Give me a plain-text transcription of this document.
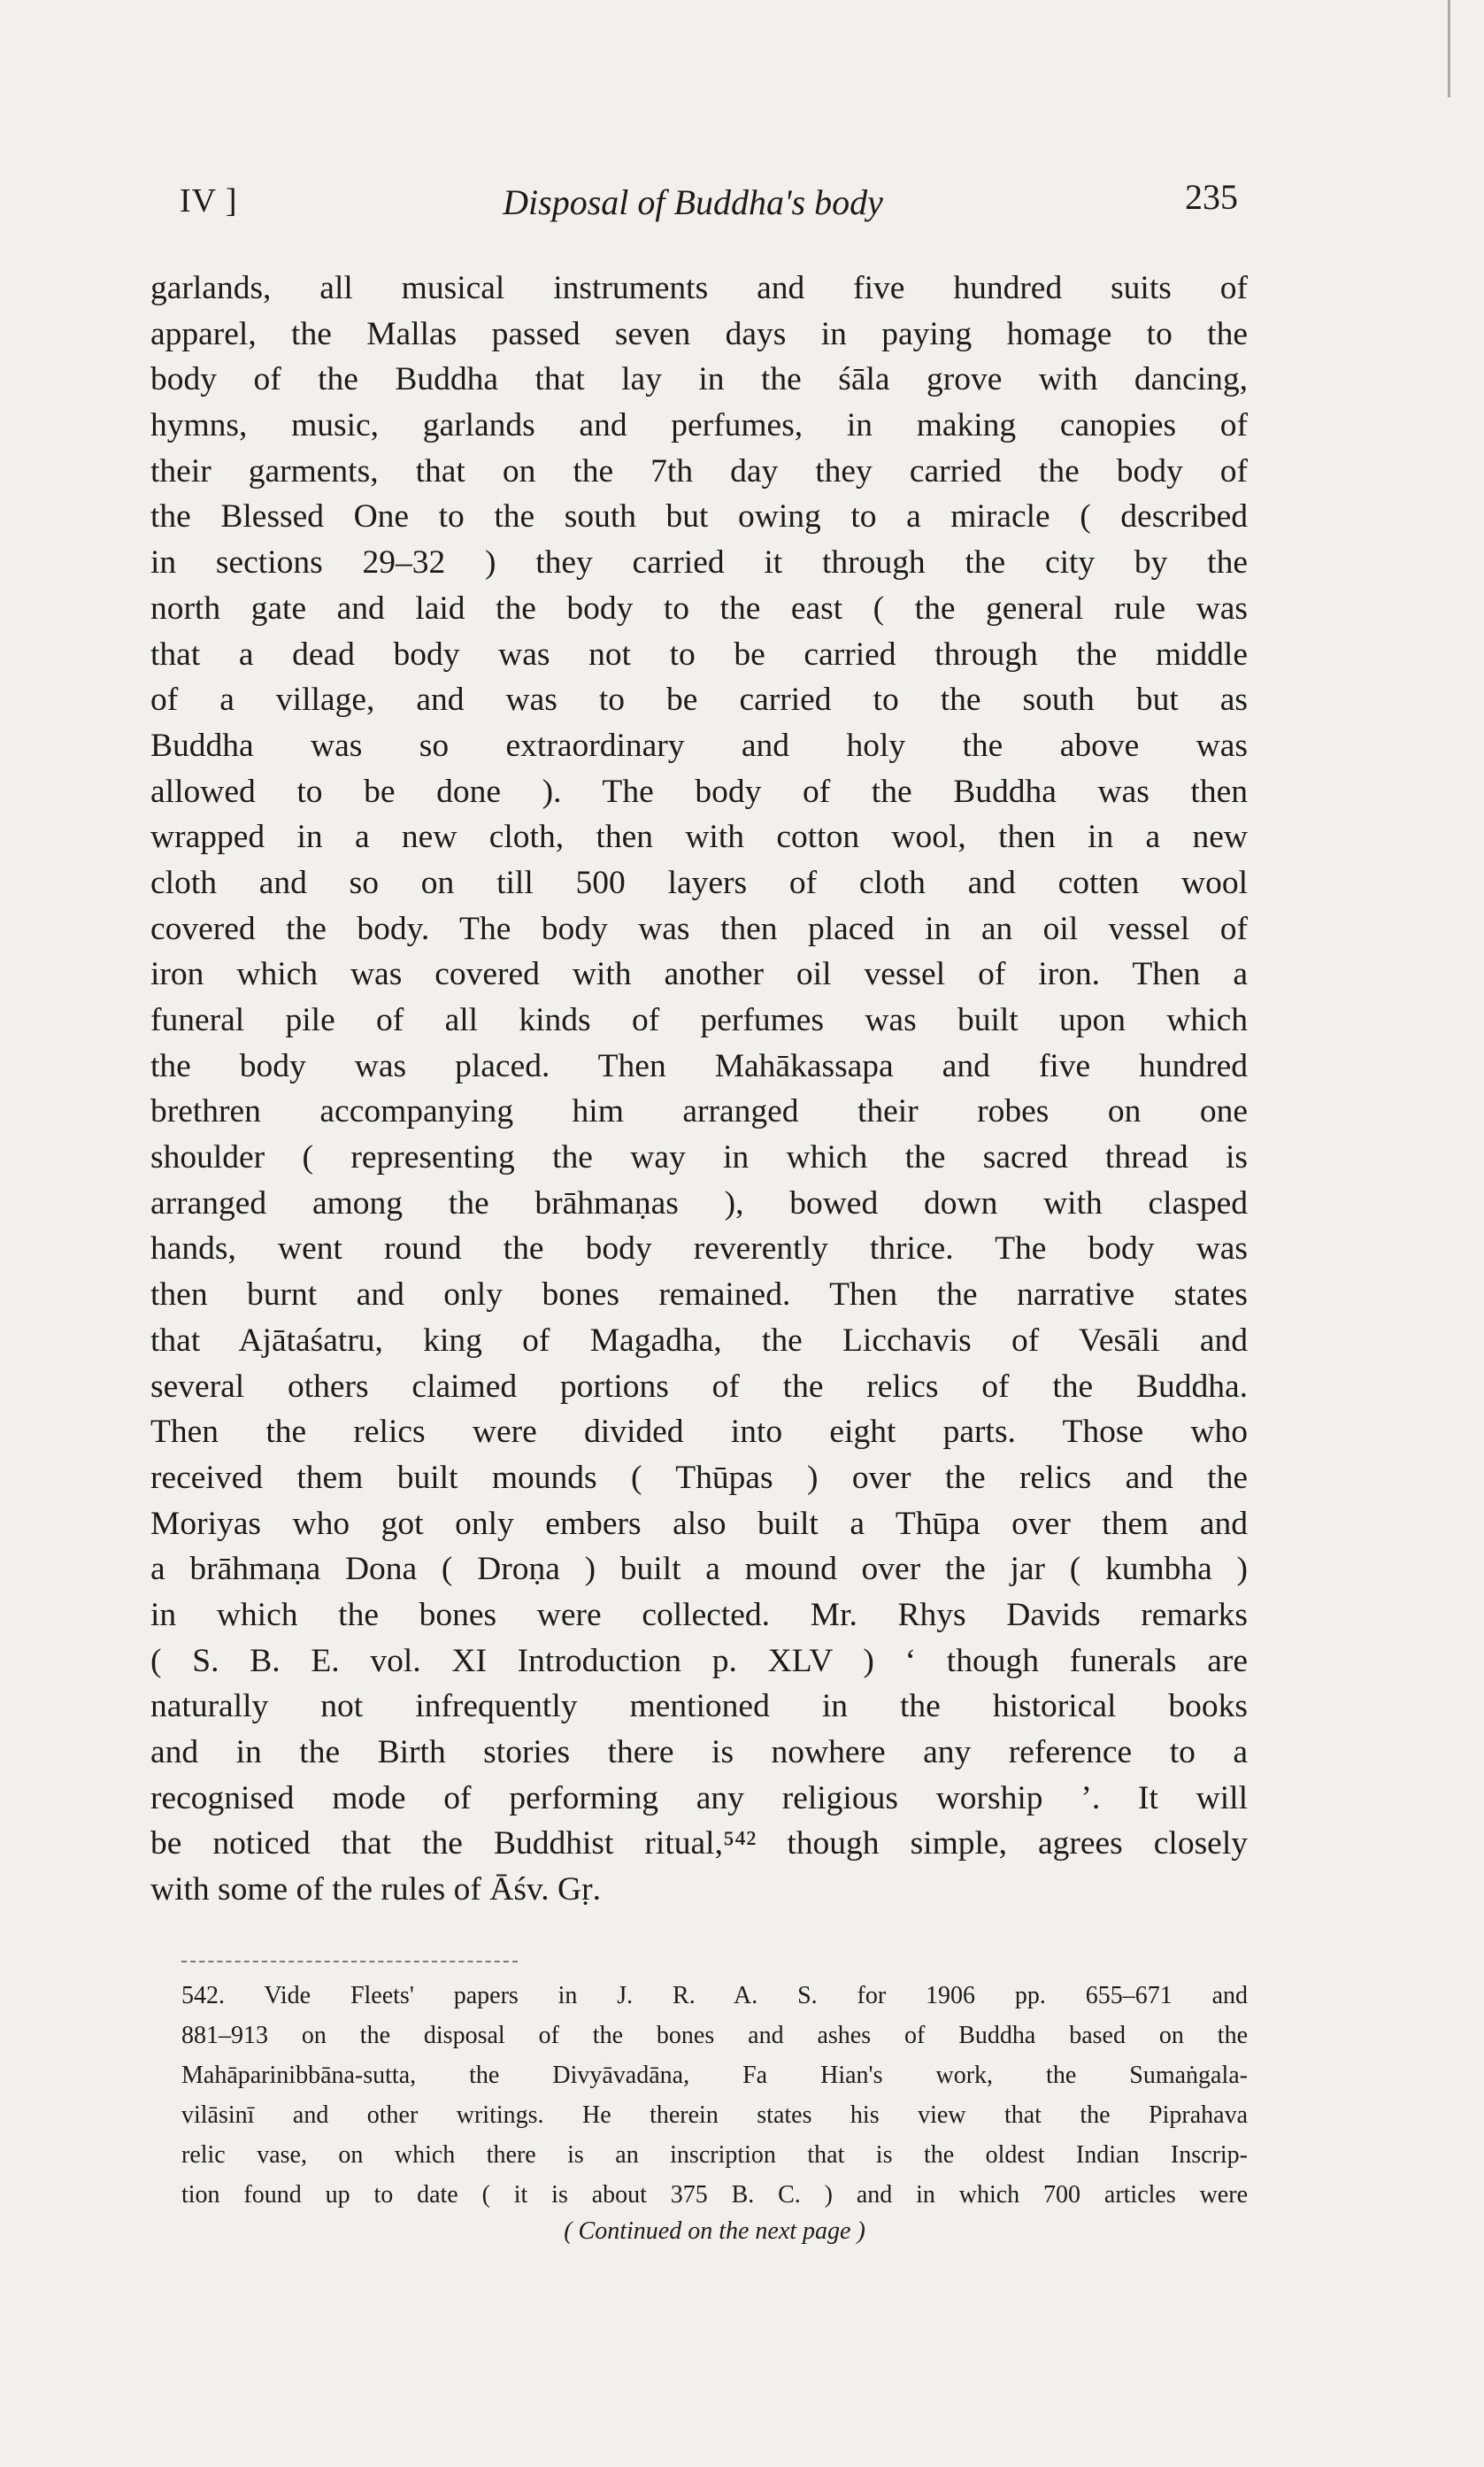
IV ]	Disposal of Buddha's body	235
garlands, all musical instruments and five hundred suits of
apparel, the Mallas passed seven days in paying homage to the
body of the Buddha that lay in the śāla grove with dancing,
hymns, music, garlands and perfumes, in making canopies of
their garments, that on the 7th day they carried the body of
the Blessed One to the south but owing to a miracle ( described
in sections 29–32 ) they carried it through the city by the
north gate and laid the body to the east ( the general rule was
that a dead body was not to be carried through the middle
of a village, and was to be carried to the south but as
Buddha was so extraordinary and holy the above was
allowed to be done ). The body of the Buddha was then
wrapped in a new cloth, then with cotton wool, then in a new
cloth and so on till 500 layers of cloth and cotten wool
covered the body. The body was then placed in an oil vessel of
iron which was covered with another oil vessel of iron. Then a
funeral pile of all kinds of perfumes was built upon which
the body was placed. Then Mahākassapa and five hundred
brethren accompanying him arranged their robes on one
shoulder ( representing the way in which the sacred thread is
arranged among the brāhmaṇas ), bowed down with clasped
hands, went round the body reverently thrice. The body was
then burnt and only bones remained. Then the narrative states
that Ajātaśatru, king of Magadha, the Licchavis of Vesāli and
several others claimed portions of the relics of the Buddha.
Then the relics were divided into eight parts. Those who
received them built mounds ( Thūpas ) over the relics and the
Moriyas who got only embers also built a Thūpa over them and
a brāhmaṇa Dona ( Droṇa ) built a mound over the jar ( kumbha )
in which the bones were collected. Mr. Rhys Davids remarks
( S. B. E. vol. XI Introduction p. XLV ) ‘ though funerals are
naturally not infrequently mentioned in the historical books
and in the Birth stories there is nowhere any reference to a
recognised mode of performing any religious worship ’. It will
be noticed that the Buddhist ritual,⁵⁴² though simple, agrees closely
with some of the rules of Āśv. Gṛ.
542. Vide Fleets' papers in J. R. A. S. for 1906 pp. 655–671 and
881–913 on the disposal of the bones and ashes of Buddha based on the
Mahāparinibbāna-sutta, the Divyāvadāna, Fa Hian's work, the Sumaṅgala-
vilāsinī and other writings. He therein states his view that the Piprahava
relic vase, on which there is an inscription that is the oldest Indian Inscrip-
tion found up to date ( it is about 375 B. C. ) and in which 700 articles were
( Continued on the next page )
